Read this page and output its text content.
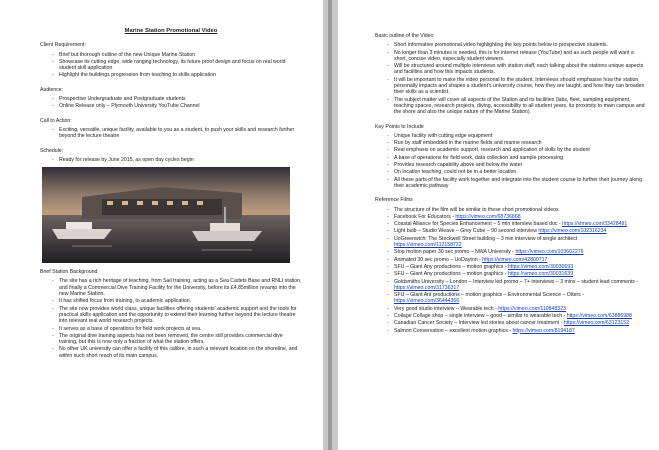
Marine Station Promotional Video
Client Requirement:
- Brief but thorough outline of the new Unique Marine Station
- Showcase its cutting edge, wide ranging technology, its future proof design and focus on real world student skill application
- Highlight the buildings progression from teaching to skills application
Audience:
- Prospective Undergraduate and Postgraduate students
- Online Release only – Plymouth University YouTube Channel
Call to Action:
- Exciting, versatile, unique facility, available to you as a student, to push your skills and research further beyond the lecture theatre
Schedule:
- Ready for release by June 2015, as open day cycles begin
Brief Station Background
- The site has a rich heritage of teaching, from Sail training, acting as a Sea Cadets Base and RNLI station, and finally a Commercial Dive Training Facility for the University, before its £4.85million revamp into the new Marine Station.
- It has shifted focus from training, to academic application.
- The site now provides world class, unique facilities offering students' academic support and the tools for practical skills application and the opportunity to extend their learning further beyond the lecture theatre into relevant real world research projects.
- It serves as a base of operations for field work projects at sea.
- The original dive training aspects has not been removed, the centre still provides commercial dive training, but this is now only a fraction of what the station offers.
- No other UK university can offer a facility of this calibre, in such a relevant location on the shoreline, and within such short reach of its main campus.
Basic outline of the Video
- Short informative promotional video highlighting the key points below to prospective students.
- No longer than 3 minutes is needed, this is for internet release (YouTube) and as such people will want a short, concise video, especially student viewers.
- Will be structured around multiple interviews with station staff, each talking about the stations unique aspects and facilities and how this impacts students.
- It will be important to make the video personal to the student. Interviews should emphasise how the station personally impacts and shapes a student's university course, how they are taught, and how they can broaden their skills as a scientist.
- The subject matter will cover all aspects of the Station and its facilities (labs, fleet, sampling equipment, teaching spaces, research projects, diving, accessibility to all student years, its proximity to main campus and the shore and also the unique nature of the Marine Station).
Key Points to Include
- Unique facility with cutting edge equipment
- Run by staff embedded in the marine fields and marine research
- Real emphasis on academic support, research and application of skills by the student
- A base of operations for field work, data collection and sample processing
- Provides research capability above and below the water
- On location teaching, could not be in a better location
- All these parts of the facility work together and integrate into the student course to further their journey along their academic pathway
Reference Films
- The structure of the film will be similar to these short promotional videos
- Facebook For Educators - https://vimeo.com/68736868
- Coastal Alliance for Species Enhancement – 5 min interview based doc - https://vimeo.com/33428491
- Light bulb – Studio Weave – Grey Cube – 90 second interview https://vimeo.com/102316234
- UoGreenwich: The Stockwell Street building – 3 min interview of single architect https://vimeo.com/112158722
- Stop motion paper 30 sec promo – NWA University - https://vimeo.com/103602276
- Animated 30 sec promo – UoDayton - https://vimeo.com/42800717
- SFU – Giant Any productions – motion graphics - https://vimeo.com/30030693
- SFU – Giant Any productions – motion graphics - https://vimeo.com/30031639
- Goldsmiths University – London – Interview led promo – 7+ interviews – 3 mins – student lead comments - https://vimeo.com/31736317
- SFU – Giant Ant productions – motion graphics – Environmental Science – Otters - https://vimeo.com/36444366
- Very good studio interview – Wearable tech - https://vimeo.com/110848323
- Collage Collage shop – single interview – good – similar to wearable tech - https://vimeo.com/63886988
- Canadian Cancer Society – Interview led stories about cancer treatment - https://vimeo.com/63123152
- Salmon Conservation – excellent motion graphics - https://vimeo.com/8194187
